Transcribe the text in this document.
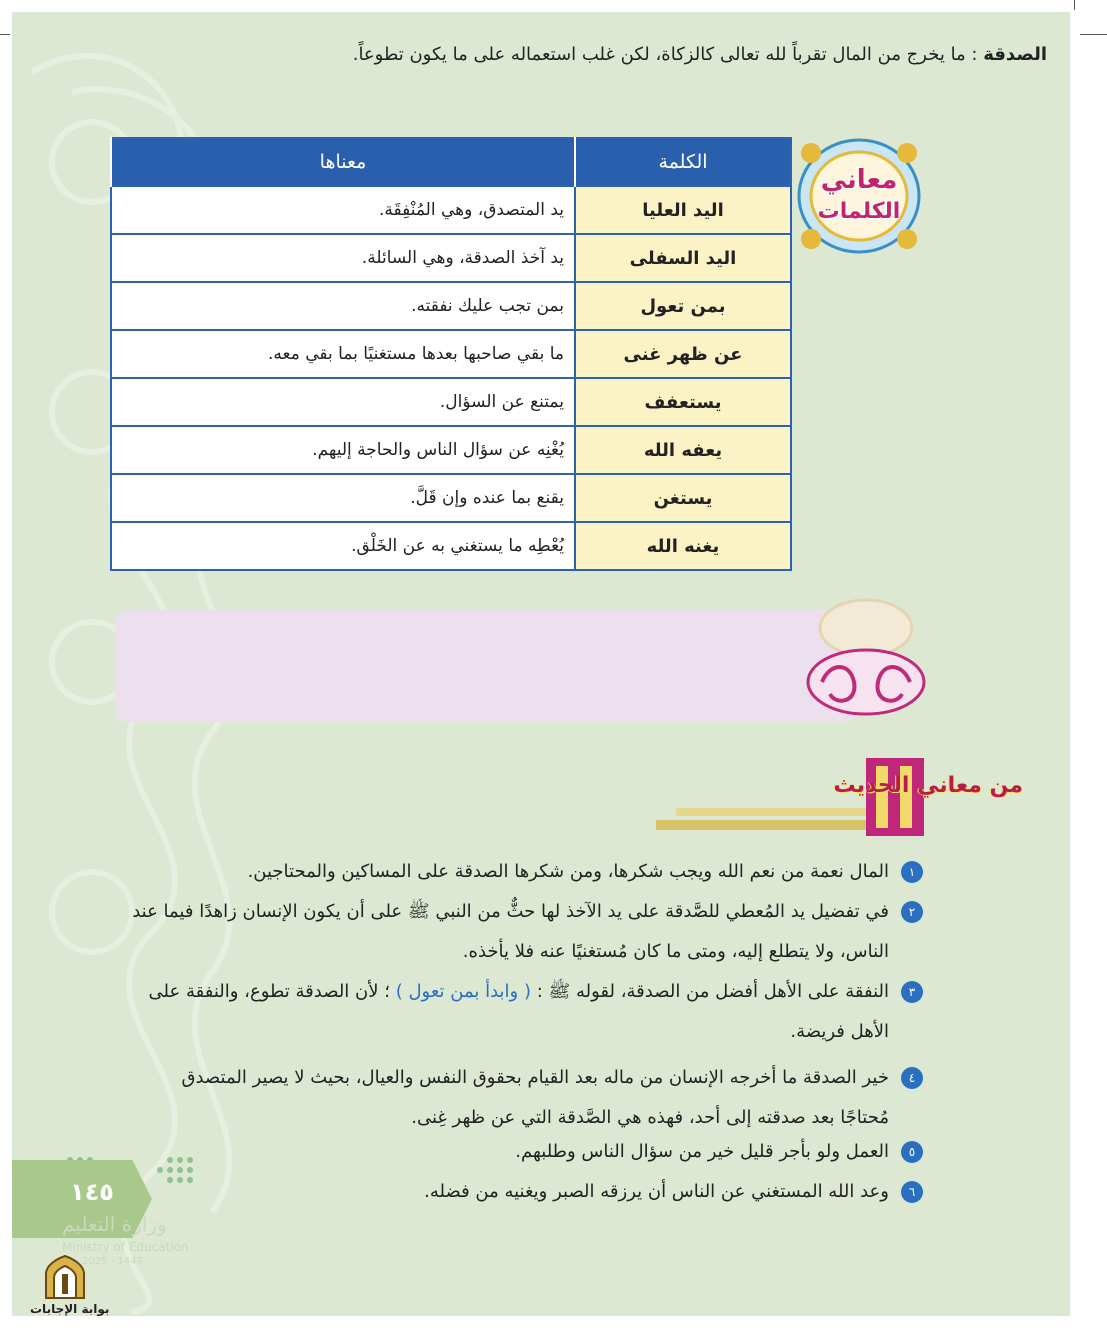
معاني
الكلمات
الكلمة	معناها
اليد العليا	يد المتصدق، وهي المُنْفِقَة.
اليد السفلى	يد آخذ الصدقة، وهي السائلة.
بمن تعول	بمن تجب عليك نفقته.
عن ظهر غنى	ما بقي صاحبها بعدها مستغنيًا بما بقي معه.
يستعفف	يمتنع عن السؤال.
يعفه الله	يُغْنِه عن سؤال الناس والحاجة إليهم.
يستغن	يقنع بما عنده وإن قَلَّ.
يغنه الله	يُعْطِه ما يستغني به عن الخَلْق.
الصدقة : ما يخرج من المال تقرباً لله تعالى كالزكاة، لكن غلب استعماله على ما يكون تطوعاً.
من معاني الحديث
١
المال نعمة من نعم الله ويجب شكرها، ومن شكرها الصدقة على المساكين والمحتاجين.
٢
في تفضيل يد المُعطي للصَّدقة على يد الآخذ لها حثٌّ من النبي ﷺ على أن يكون الإنسان زاهدًا فيما عند الناس، ولا يتطلع إليه، ومتى ما كان مُستغنيًا عنه فلا يأخذه.
٣
النفقة على الأهل أفضل من الصدقة، لقوله ﷺ : ( وابدأ بمن تعول ) ؛ لأن الصدقة تطوع، والنفقة على الأهل فريضة.
٤
خير الصدقة ما أخرجه الإنسان من ماله بعد القيام بحقوق النفس والعيال، بحيث لا يصير المتصدق مُحتاجًا بعد صدقته إلى أحد، فهذه هي الصَّدقة التي عن ظهر غِنى.
٥
العمل ولو بأجر قليل خير من سؤال الناس وطلبهم.
٦
وعد الله المستغني عن الناس أن يرزقه الصبر ويغنيه من فضله.
١٤٥
وزارة التعليم
Ministry of Education
2025 - 1447
بوابة الإجابات
